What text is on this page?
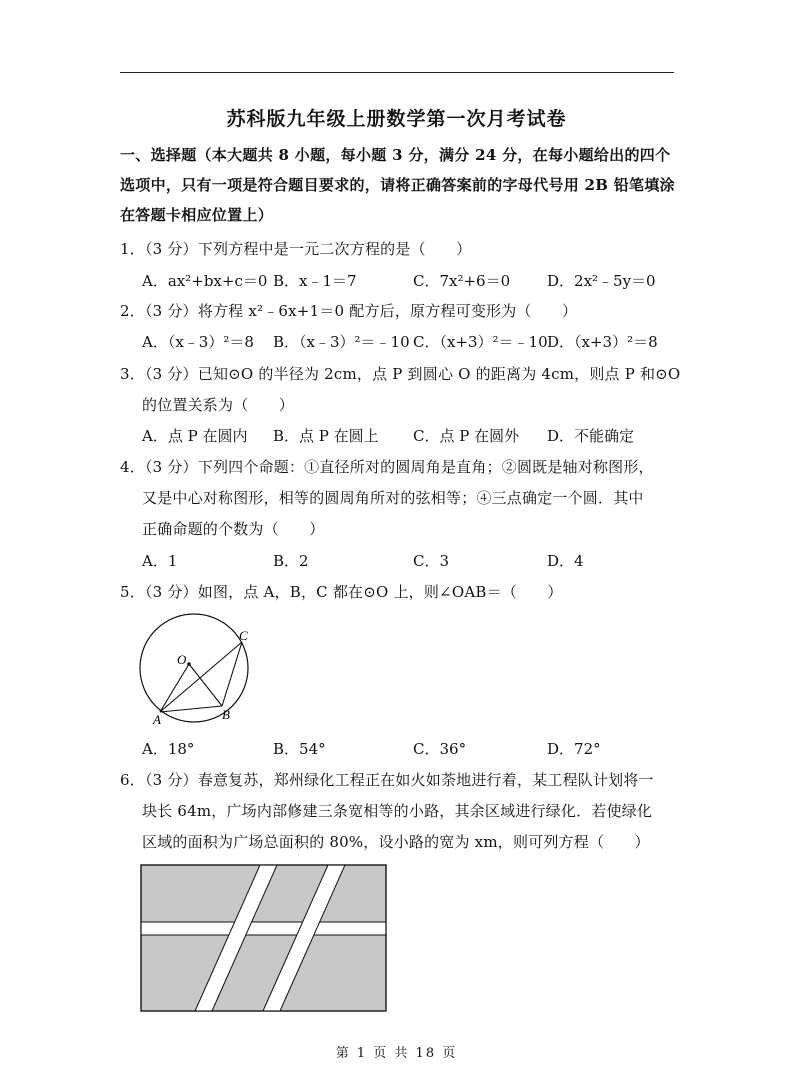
苏科版九年级上册数学第一次月考试卷
一、选择题（本大题共 8 小题，每小题 3 分，满分 24 分，在每小题给出的四个选项中，只有一项是符合题目要求的，请将正确答案前的字母代号用 2B 铅笔填涂在答题卡相应位置上）
1．（3 分）下列方程中是一元二次方程的是（　　）
A．ax²+bx+c＝0 B．x﹣1＝7	C．7x²+6＝0 D．2x²﹣5y＝0
2．（3 分）将方程 x²﹣6x+1＝0 配方后，原方程可变形为（　　）
A．（x﹣3）²＝8 B．（x﹣3）²＝﹣10 C．（x+3）²＝﹣10 D．（x+3）²＝8
3．（3 分）已知⊙O 的半径为 2cm，点 P 到圆心 O 的距离为 4cm，则点 P 和⊙O
的位置关系为（　　）
A．点 P 在圆内 B．点 P 在圆上 C．点 P 在圆外 D．不能确定
4．（3 分）下列四个命题：①直径所对的圆周角是直角；②圆既是轴对称图形，
又是中心对称图形，相等的圆周角所对的弦相等；④三点确定一个圆．其中
正确命题的个数为（　　）
A．1	B．2	C．3	D．4
5．（3 分）如图，点 A，B，C 都在⊙O 上，则∠OAB＝（　　）
O
C
A	B
A．18°	B．54°	C．36°	D．72°
6．（3 分）春意复苏，郑州绿化工程正在如火如荼地进行着，某工程队计划将一
块长 64m，广场内部修建三条宽相等的小路，其余区域进行绿化．若使绿化
区域的面积为广场总面积的 80%，设小路的宽为 xm，则可列方程（　　）
第 1 页 共 18 页
